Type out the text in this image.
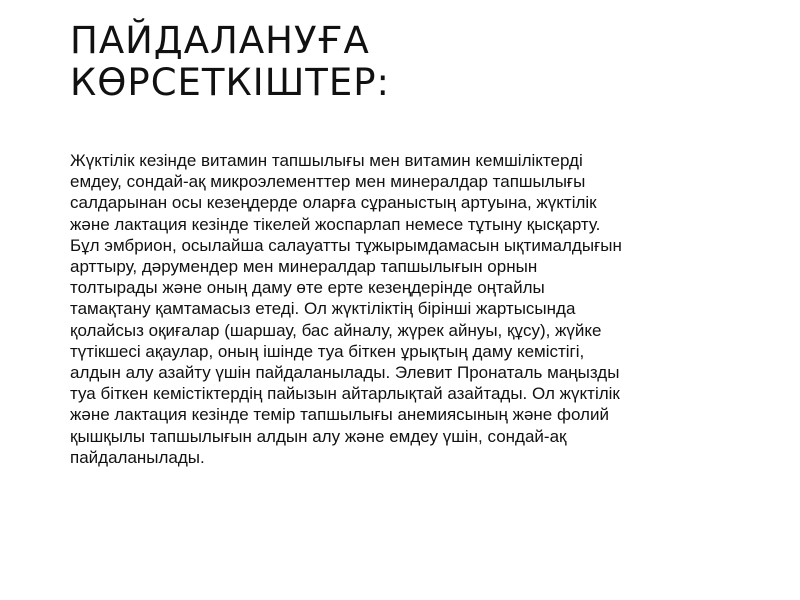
ПАЙДАЛАНУҒА
КӨРСЕТКІШТЕР:

Жүктілік кезінде витамин тапшылығы мен витамин кемшіліктерді
емдеу, сондай-ақ микроэлементтер мен минералдар тапшылығы
салдарынан осы кезеңдерде оларға сұраныстың артуына, жүктілік
және лактация кезінде тікелей жоспарлап немесе тұтыну қысқарту.
Бұл эмбрион, осылайша салауатты тұжырымдамасын ықтималдығын
арттыру, дәрумендер мен минералдар тапшылығын орнын
толтырады және оның даму өте ерте кезеңдерінде оңтайлы
тамақтану қамтамасыз етеді. Ол жүктіліктің бірінші жартысында
қолайсыз оқиғалар (шаршау, бас айналу, жүрек айнуы, құсу), жүйке
түтікшесі ақаулар, оның ішінде туа біткен ұрықтың даму кемістігі,
алдын алу азайту үшін пайдаланылады. Элевит Пронаталь маңызды
туа біткен кемістіктердің пайызын айтарлықтай азайтады. Ол жүктілік
және лактация кезінде темір тапшылығы анемиясының және фолий
қышқылы тапшылығын алдын алу және емдеу үшін, сондай-ақ
пайдаланылады.
